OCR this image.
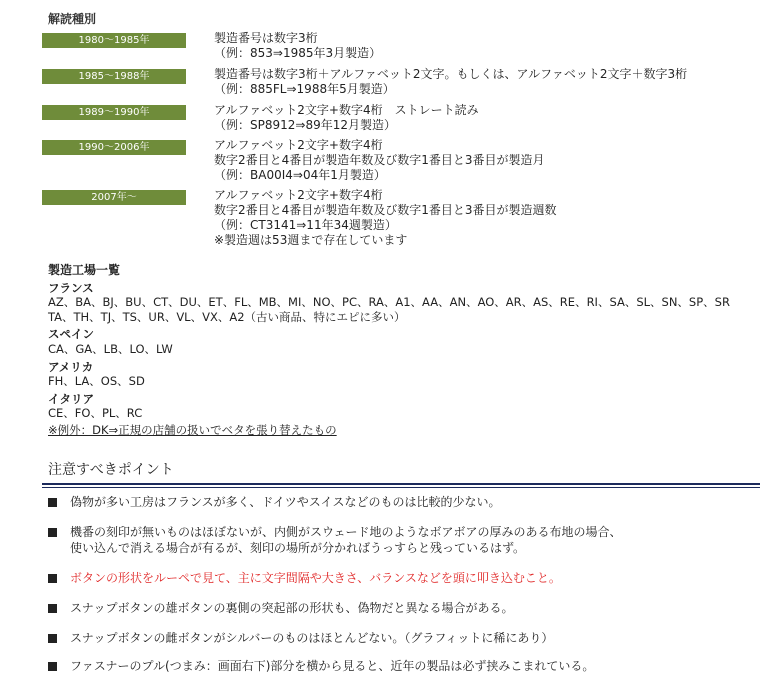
解読種別
1980～1985年	製造番号は数字3桁
（例：853⇒1985年3月製造）
1985～1988年	製造番号は数字3桁＋アルファベット2文字。もしくは、アルファベット2文字＋数字3桁
（例：885FL⇒1988年5月製造）
1989～1990年	アルファベット2文字+数字4桁　ストレート読み
（例：SP8912⇒89年12月製造）
1990～2006年	アルファベット2文字+数字4桁
数字2番目と4番目が製造年数及び数字1番目と3番目が製造月
（例：BA00I4⇒04年1月製造）
2007年～	アルファベット2文字+数字4桁
数字2番目と4番目が製造年数及び数字1番目と3番目が製造週数
（例：CT3141⇒11年34週製造）
※製造週は53週まで存在しています
製造工場一覧
フランス
AZ、BA、BJ、BU、CT、DU、ET、FL、MB、MI、NO、PC、RA、A1、AA、AN、AO、AR、AS、RE、RI、SA、SL、SN、SP、SR
TA、TH、TJ、TS、UR、VL、VX、A2（古い商品、特にエピに多い）
スペイン
CA、GA、LB、LO、LW
アメリカ
FH、LA、OS、SD
イタリア
CE、FO、PL、RC
※例外：DK⇒正規の店舗の扱いでベタを張り替えたもの
注意すべきポイント
偽物が多い工房はフランスが多く、ドイツやスイスなどのものは比較的少ない。
機番の刻印が無いものはほぼないが、内側がスウェード地のようなボアボアの厚みのある布地の場合、
使い込んで消える場合が有るが、刻印の場所が分かればうっすらと残っているはず。
ボタンの形状をルーペで見て、主に文字間隔や大きさ、バランスなどを頭に叩き込むこと。
スナップボタンの雄ボタンの裏側の突起部の形状も、偽物だと異なる場合がある。
スナップボタンの雌ボタンがシルバーのものはほとんどない。（グラフィットに稀にあり）
ファスナーのプル(つまみ：画面右下)部分を横から見ると、近年の製品は必ず挟みこまれている。
